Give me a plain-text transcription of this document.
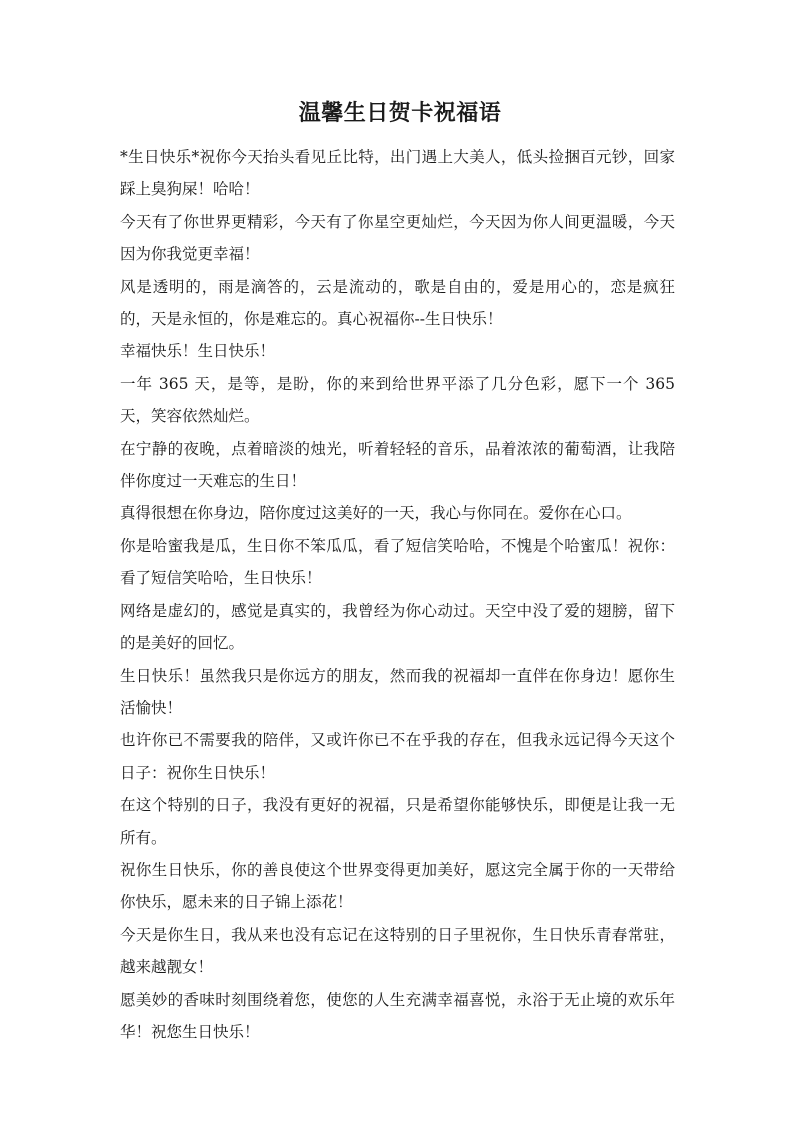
温馨生日贺卡祝福语

*生日快乐*祝你今天抬头看见丘比特，出门遇上大美人，低头捡捆百元钞，回家踩上臭狗屎！哈哈！

今天有了你世界更精彩，今天有了你星空更灿烂，今天因为你人间更温暖，今天因为你我觉更幸福！

风是透明的，雨是滴答的，云是流动的，歌是自由的，爱是用心的，恋是疯狂的，天是永恒的，你是难忘的。真心祝福你--生日快乐！

幸福快乐！生日快乐！

一年 365 天，是等，是盼，你的来到给世界平添了几分色彩，愿下一个 365 天，笑容依然灿烂。

在宁静的夜晚，点着暗淡的烛光，听着轻轻的音乐，品着浓浓的葡萄酒，让我陪伴你度过一天难忘的生日！

真得很想在你身边，陪你度过这美好的一天，我心与你同在。爱你在心口。

你是哈蜜我是瓜，生日你不笨瓜瓜，看了短信笑哈哈，不愧是个哈蜜瓜！祝你：看了短信笑哈哈，生日快乐！

网络是虚幻的，感觉是真实的，我曾经为你心动过。天空中没了爱的翅膀，留下的是美好的回忆。

生日快乐！虽然我只是你远方的朋友，然而我的祝福却一直伴在你身边！愿你生活愉快！

也许你已不需要我的陪伴，又或许你已不在乎我的存在，但我永远记得今天这个日子：祝你生日快乐！

在这个特别的日子，我没有更好的祝福，只是希望你能够快乐，即便是让我一无所有。

祝你生日快乐，你的善良使这个世界变得更加美好，愿这完全属于你的一天带给你快乐，愿未来的日子锦上添花！

今天是你生日，我从来也没有忘记在这特别的日子里祝你，生日快乐青春常驻，越来越靓女！

愿美妙的香味时刻围绕着您，使您的人生充满幸福喜悦，永浴于无止境的欢乐年华！祝您生日快乐！
